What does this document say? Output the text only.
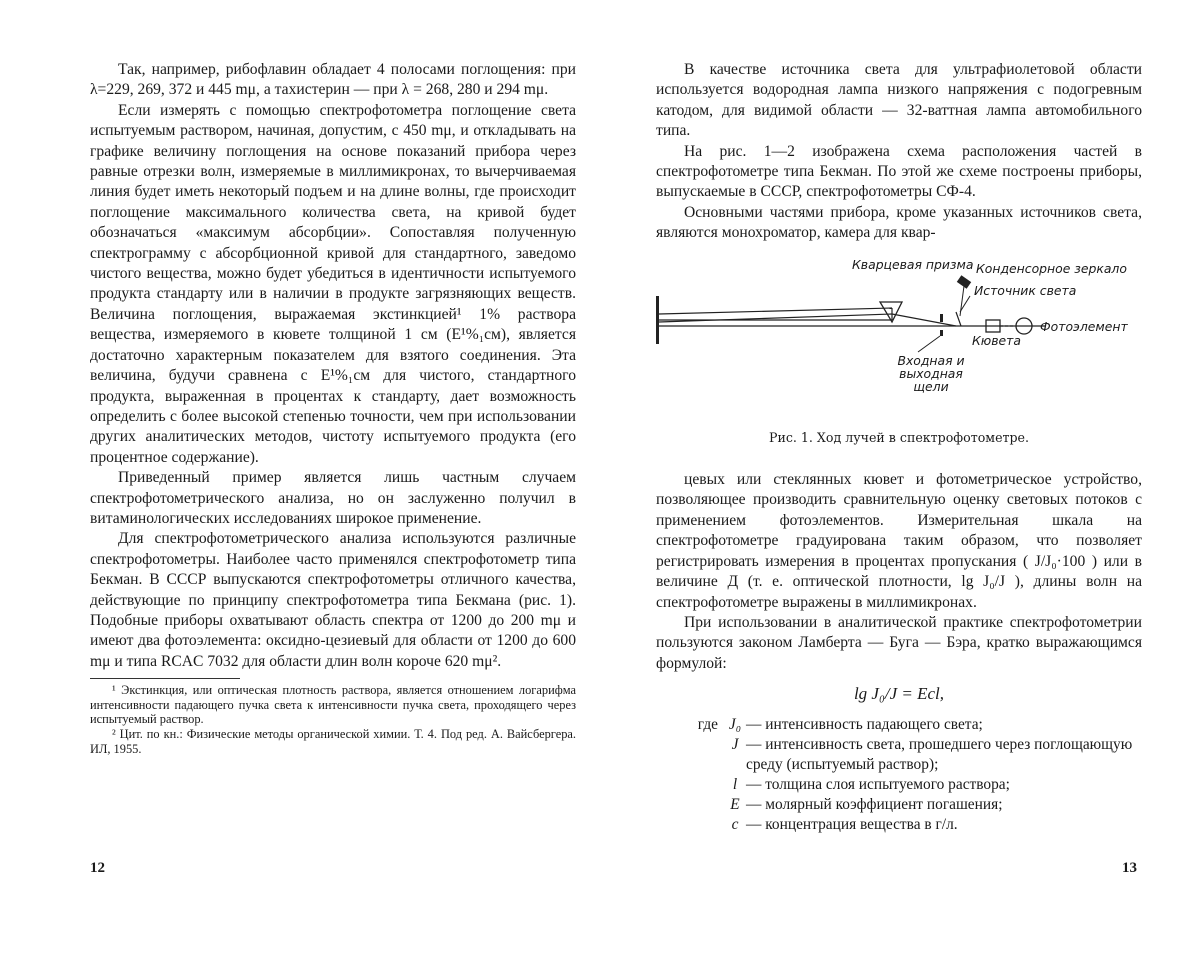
Так, например, рибофлавин обладает 4 полосами поглощения: при λ=229, 269, 372 и 445 mμ, а тахистерин — при λ = 268, 280 и 294 mμ.

Если измерять с помощью спектрофотометра поглощение света испытуемым раствором, начиная, допустим, с 450 mμ, и откладывать на графике величину поглощения на основе показаний прибора через равные отрезки волн, измеряемые в миллимикронах, то вычерчиваемая линия будет иметь некоторый подъем и на длине волны, где происходит поглощение максимального количества света, на кривой будет обозначаться «максимум абсорбции». Сопоставляя полученную спектрограмму с абсорбционной кривой для стандартного, заведомо чистого вещества, можно будет убедиться в идентичности испытуемого продукта стандарту или в наличии в продукте загрязняющих веществ. Величина поглощения, выражаемая экстинкцией¹ 1% раствора вещества, измеряемого в кювете толщиной 1 см (E¹%₁см), является достаточно характерным показателем для взятого соединения. Эта величина, будучи сравнена с E¹%₁см для чистого, стандартного продукта, выраженная в процентах к стандарту, дает возможность определить с более высокой степенью точности, чем при использовании других аналитических методов, чистоту испытуемого продукта (его процентное содержание).

Приведенный пример является лишь частным случаем спектрофотометрического анализа, но он заслуженно получил в витаминологических исследованиях широкое применение.

Для спектрофотометрического анализа используются различные спектрофотометры. Наиболее часто применялся спектрофотометр типа Бекман. В СССР выпускаются спектрофотометры отличного качества, действующие по принципу спектрофотометра типа Бекмана (рис. 1). Подобные приборы охватывают область спектра от 1200 до 200 mμ и имеют два фотоэлемента: оксиднo-цезиевый для области от 1200 до 600 mμ и типа RCAC 7032 для области длин волн короче 620 mμ².

¹ Экстинкция, или оптическая плотность раствора, является отношением логарифма интенсивности падающего пучка света к интенсивности пучка света, проходящего через испытуемый раствор.

² Цит. по кн.: Физические методы органической химии. Т. 4. Под ред. А. Вайсбергера. ИЛ, 1955.

12

В качестве источника света для ультрафиолетовой области используется водородная лампа низкого напряжения с подогревным катодом, для видимой области — 32-ваттная лампа автомобильного типа.

На рис. 1—2 изображена схема расположения частей в спектрофотометре типа Бекман. По этой же схеме построены приборы, выпускаемые в СССР, спектрофотометры СФ-4.

Основными частями прибора, кроме указанных источников света, являются монохроматор, камера для квар-

Кварцевая призма Конденсорное зеркало
Источник света
Кювета
Фотоэлемент
Входная и выходная щели
Рис. 1. Ход лучей в спектрофотометре.

цевых или стеклянных кювет и фотометрическое устройство, позволяющее производить сравнительную оценку световых потоков с применением фотоэлементов. Измерительная шкала на спектрофотометре градуирована таким образом, что позволяет регистрировать измерения в процентах пропускания ( J/J₀·100 ) или в величине Д (т. е. оптической плотности, lg J₀/J ), длины волн на спектрофотометре выражены в миллимикронах.

При использовании в аналитической практике спектрофотометрии пользуются законом Ламберта — Буга — Бэра, кратко выражающимся формулой:

lg J₀/J = Ecl,
где J₀ — интенсивность падающего света;
J — интенсивность света, прошедшего через поглощающую среду (испытуемый раствор);
l — толщина слоя испытуемого раствора;
E — молярный коэффициент погашения;
c — концентрация вещества в г/л.
13
